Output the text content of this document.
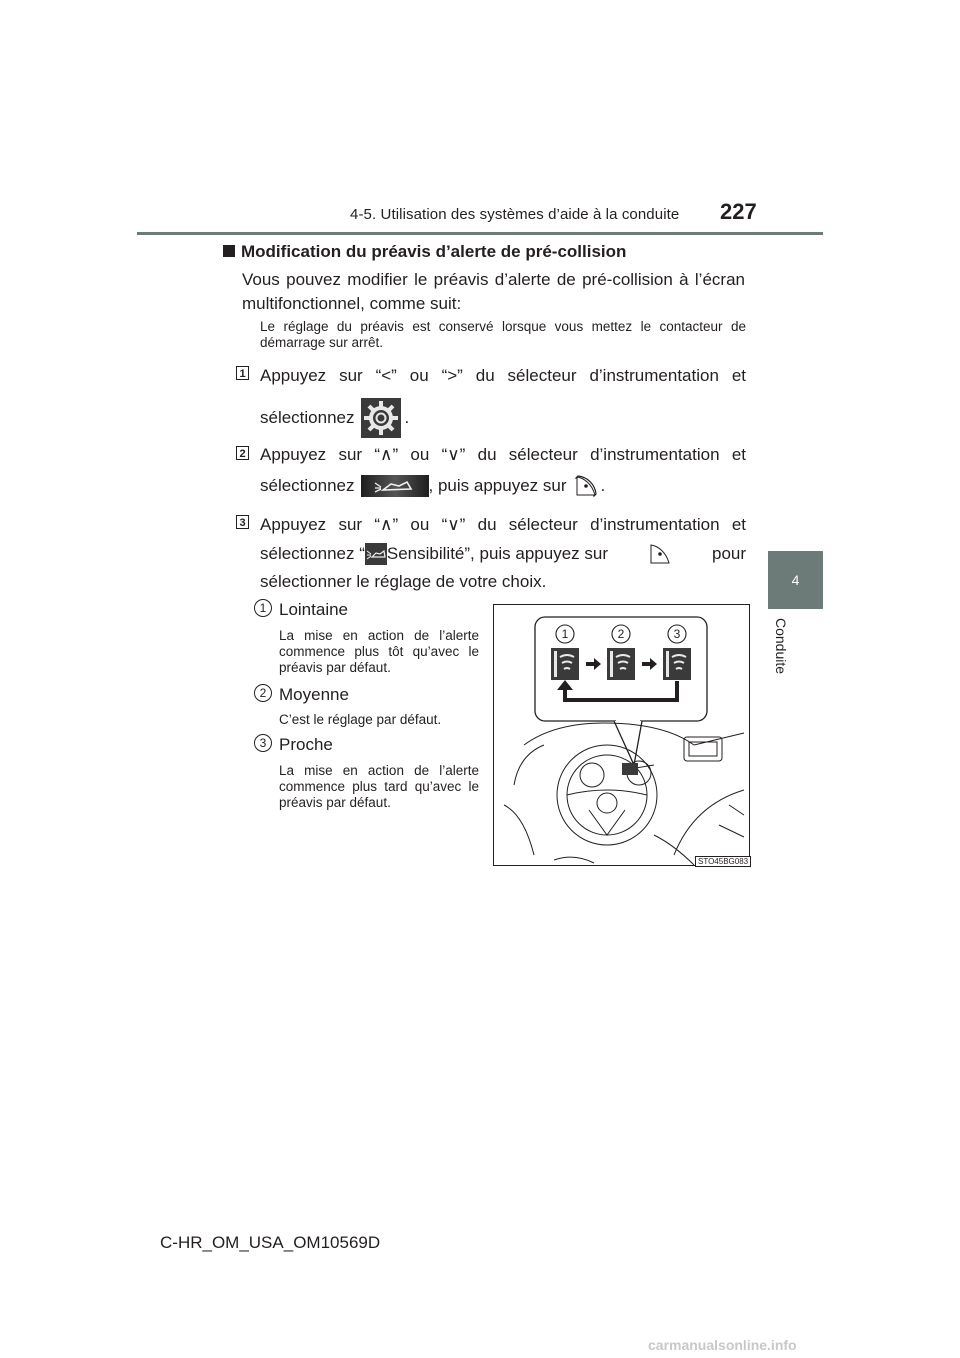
4-5. Utilisation des systèmes d’aide à la conduite 227
4
Conduite
Modification du préavis d’alerte de pré-collision
Vous pouvez modifier le préavis d’alerte de pré-collision à l’écran multifonctionnel, comme suit:
Le réglage du préavis est conservé lorsque vous mettez le contacteur de démarrage sur arrêt.
1 Appuyez sur “<” ou “>” du sélecteur d’instrumentation et
sélectionnez	.
2 Appuyez sur “∧” ou “∨” du sélecteur d’instrumentation et
sélectionnez	, puis appuyez sur .
3 Appuyez sur “∧” ou “∨” du sélecteur d’instrumentation et
sélectionnez “ Sensibilité”, puis appuyez sur	pour
sélectionner le réglage de votre choix.
1 Lointaine
La mise en action de l’alerte commence plus tôt qu’avec le préavis par défaut.
2 Moyenne
C’est le réglage par défaut.
3 Proche
La mise en action de l’alerte commence plus tard qu’avec le préavis par défaut.
1	2	3
STO45BG083
C-HR_OM_USA_OM10569D
carmanualsonline.info
